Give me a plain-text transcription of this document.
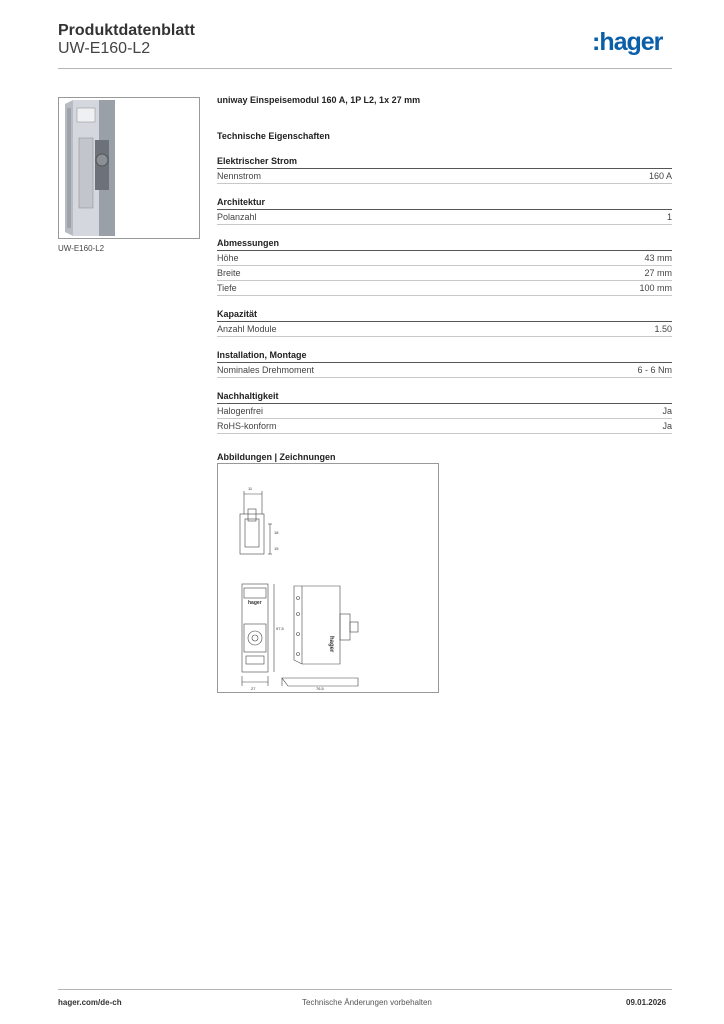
Produktdatenblatt
UW-E160-L2	:hager
UW-E160-L2

uniway Einspeisemodul 160 A, 1P L2, 1x 27 mm

Technische Eigenschaften

Elektrischer Strom
Nennstrom	160 A
Architektur
Polanzahl	1
Abmessungen
Höhe	43 mm
Breite	27 mm
Tiefe	100 mm
Kapazität
Anzahl Module	1.50
Installation, Montage
Nominales Drehmoment	6 - 6 Nm
Nachhaltigkeit
Halogenfrei	Ja
RoHS-konform	Ja

Abbildungen | Zeichnungen

11
18
15
97,5
27	76,5
hager
hager
hager.com/de-ch	Technische Änderungen vorbehalten	09.01.2026
